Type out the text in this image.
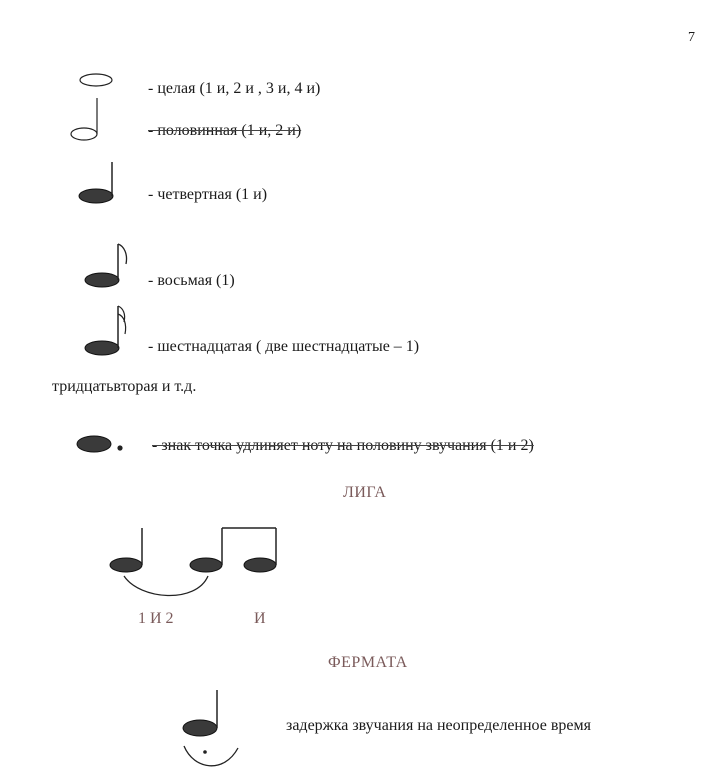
7
- целая (1 и, 2 и , 3 и, 4 и)
- половинная (1 и, 2 и)
- четвертная (1 и)
- восьмая (1)
- шестнадцатая ( две шестнадцатые – 1)
тридцатьвторая и т.д.
- знак точка удлиняет ноту на половину звучания (1 и 2)
ЛИГА
1 И 2	И
ФЕРМАТА
задержка звучания на неопределенное время
